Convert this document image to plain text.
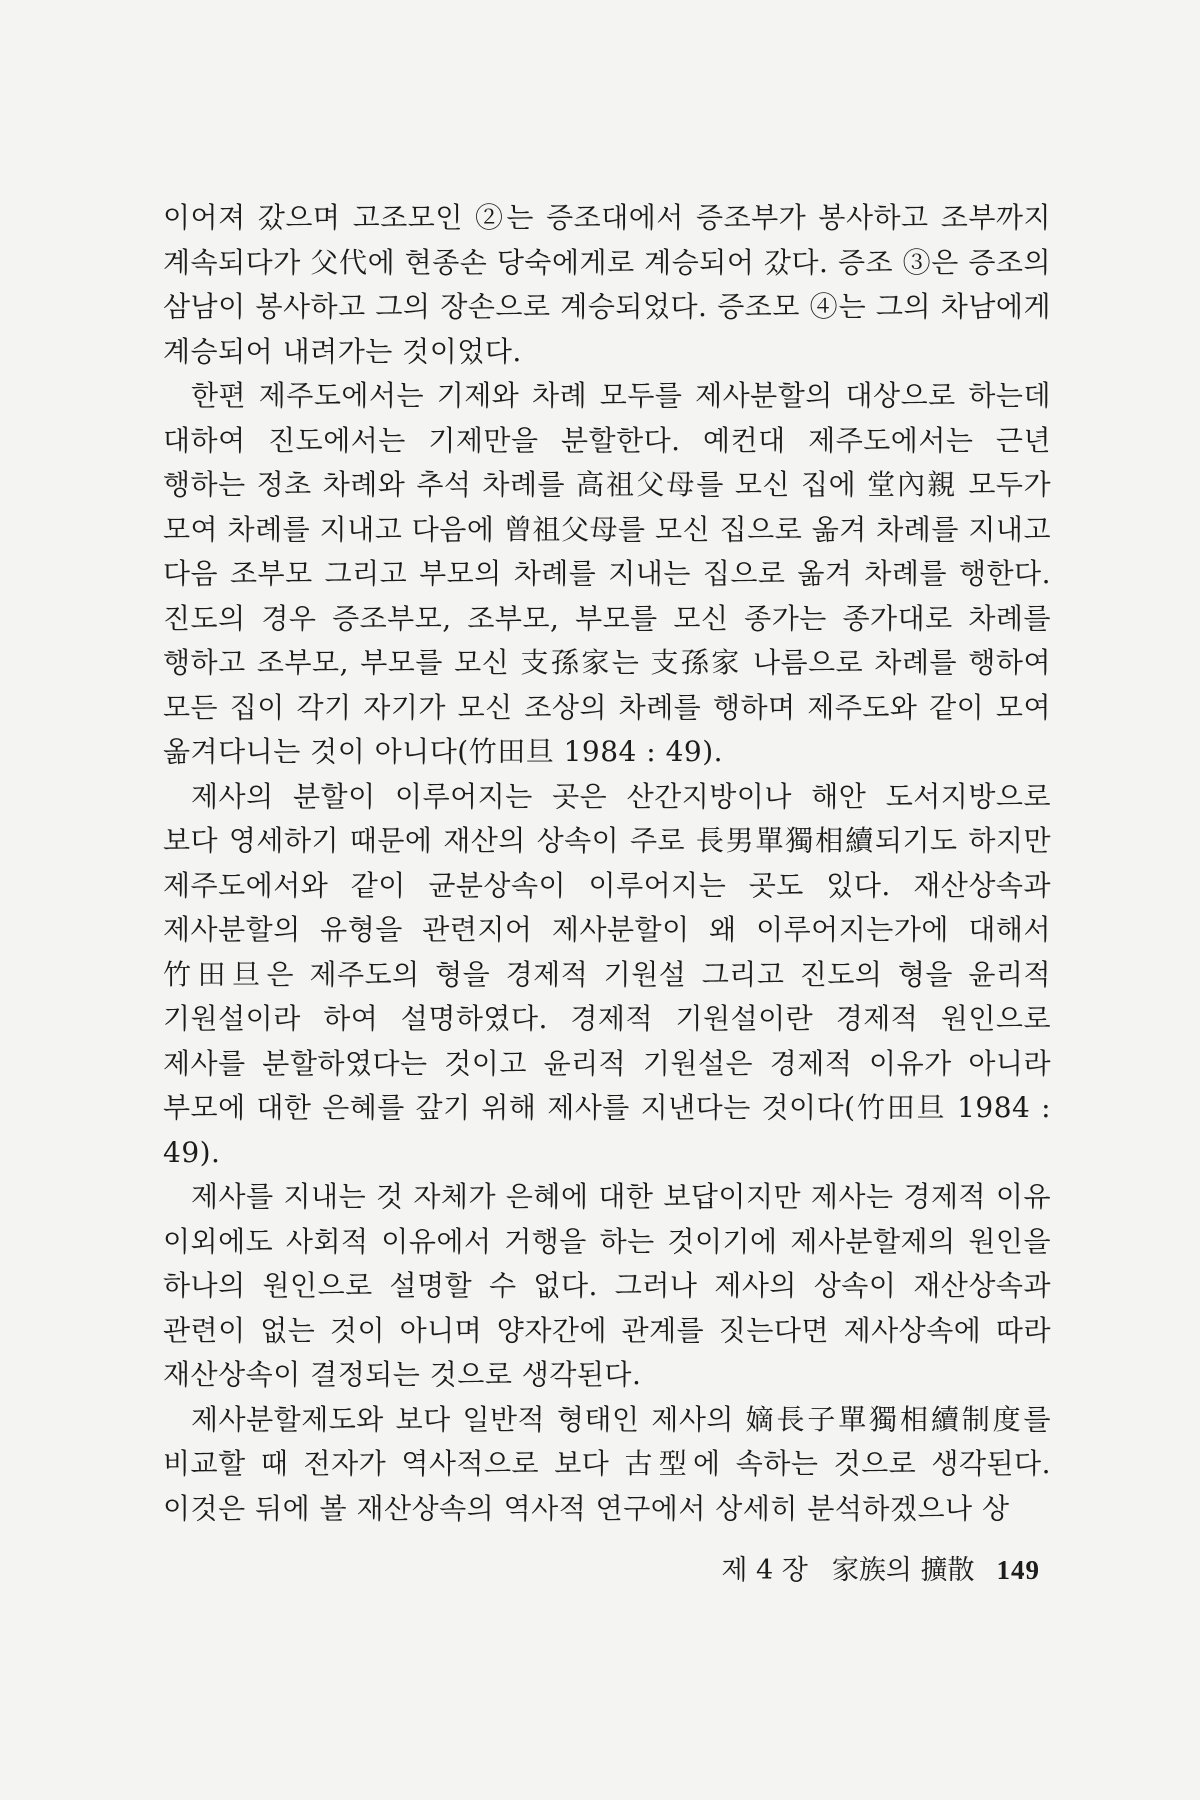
이어져 갔으며 고조모인 ②는 증조대에서 증조부가 봉사하고 조부까지 계속되다가 父代에 현종손 당숙에게로 계승되어 갔다. 증조 ③은 증조의 삼남이 봉사하고 그의 장손으로 계승되었다. 증조모 ④는 그의 차남에게 계승되어 내려가는 것이었다.

한편 제주도에서는 기제와 차례 모두를 제사분할의 대상으로 하는데 대하여 진도에서는 기제만을 분할한다. 예컨대 제주도에서는 근년 행하는 정초 차례와 추석 차례를 高祖父母를 모신 집에 堂內親 모두가 모여 차례를 지내고 다음에 曾祖父母를 모신 집으로 옮겨 차례를 지내고 다음 조부모 그리고 부모의 차례를 지내는 집으로 옮겨 차례를 행한다. 진도의 경우 증조부모, 조부모, 부모를 모신 종가는 종가대로 차례를 행하고 조부모, 부모를 모신 支孫家는 支孫家 나름으로 차례를 행하여 모든 집이 각기 자기가 모신 조상의 차례를 행하며 제주도와 같이 모여 옮겨다니는 것이 아니다(竹田旦 1984 : 49).

제사의 분할이 이루어지는 곳은 산간지방이나 해안 도서지방으로 보다 영세하기 때문에 재산의 상속이 주로 長男單獨相續되기도 하지만 제주도에서와 같이 균분상속이 이루어지는 곳도 있다. 재산상속과 제사분할의 유형을 관련지어 제사분할이 왜 이루어지는가에 대해서 竹田旦은 제주도의 형을 경제적 기원설 그리고 진도의 형을 윤리적 기원설이라 하여 설명하였다. 경제적 기원설이란 경제적 원인으로 제사를 분할하였다는 것이고 윤리적 기원설은 경제적 이유가 아니라 부모에 대한 은혜를 갚기 위해 제사를 지낸다는 것이다(竹田旦 1984 : 49).

제사를 지내는 것 자체가 은혜에 대한 보답이지만 제사는 경제적 이유 이외에도 사회적 이유에서 거행을 하는 것이기에 제사분할제의 원인을 하나의 원인으로 설명할 수 없다. 그러나 제사의 상속이 재산상속과 관련이 없는 것이 아니며 양자간에 관계를 짓는다면 제사상속에 따라 재산상속이 결정되는 것으로 생각된다.

제사분할제도와 보다 일반적 형태인 제사의 嫡長子單獨相續制度를 비교할 때 전자가 역사적으로 보다 古型에 속하는 것으로 생각된다. 이것은 뒤에 볼 재산상속의 역사적 연구에서 상세히 분석하겠으나 상

제 4 장 家族의 擴散 149
